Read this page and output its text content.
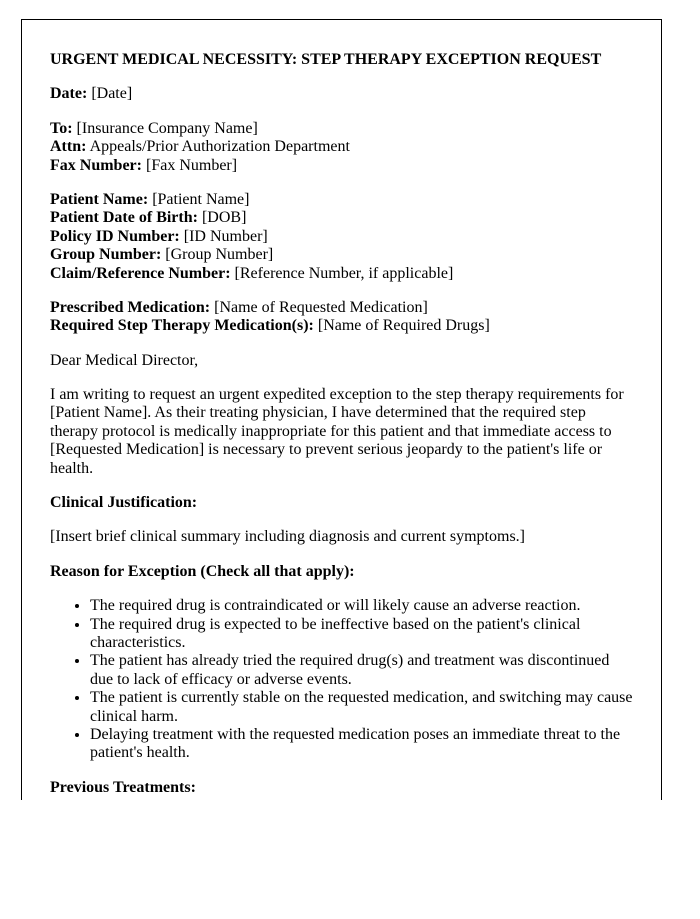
URGENT MEDICAL NECESSITY: STEP THERAPY EXCEPTION REQUEST

Date: [Date]
To: [Insurance Company Name]
Attn: Appeals/Prior Authorization Department
Fax Number: [Fax Number]
Patient Name: [Patient Name]
Patient Date of Birth: [DOB]
Policy ID Number: [ID Number]
Group Number: [Group Number]
Claim/Reference Number: [Reference Number, if applicable]
Prescribed Medication: [Name of Requested Medication]
Required Step Therapy Medication(s): [Name of Required Drugs]

Dear Medical Director,

I am writing to request an urgent expedited exception to the step therapy requirements for [Patient Name]. As their treating physician, I have determined that the required step therapy protocol is medically inappropriate for this patient and that immediate access to [Requested Medication] is necessary to prevent serious jeopardy to the patient's life or health.

Clinical Justification:

[Insert brief clinical summary including diagnosis and current symptoms.]

Reason for Exception (Check all that apply):

• The required drug is contraindicated or will likely cause an adverse reaction.
• The required drug is expected to be ineffective based on the patient's clinical characteristics.
• The patient has already tried the required drug(s) and treatment was discontinued due to lack of efficacy or adverse events.
• The patient is currently stable on the requested medication, and switching may cause clinical harm.
• Delaying treatment with the requested medication poses an immediate threat to the patient's health.

Previous Treatments:
